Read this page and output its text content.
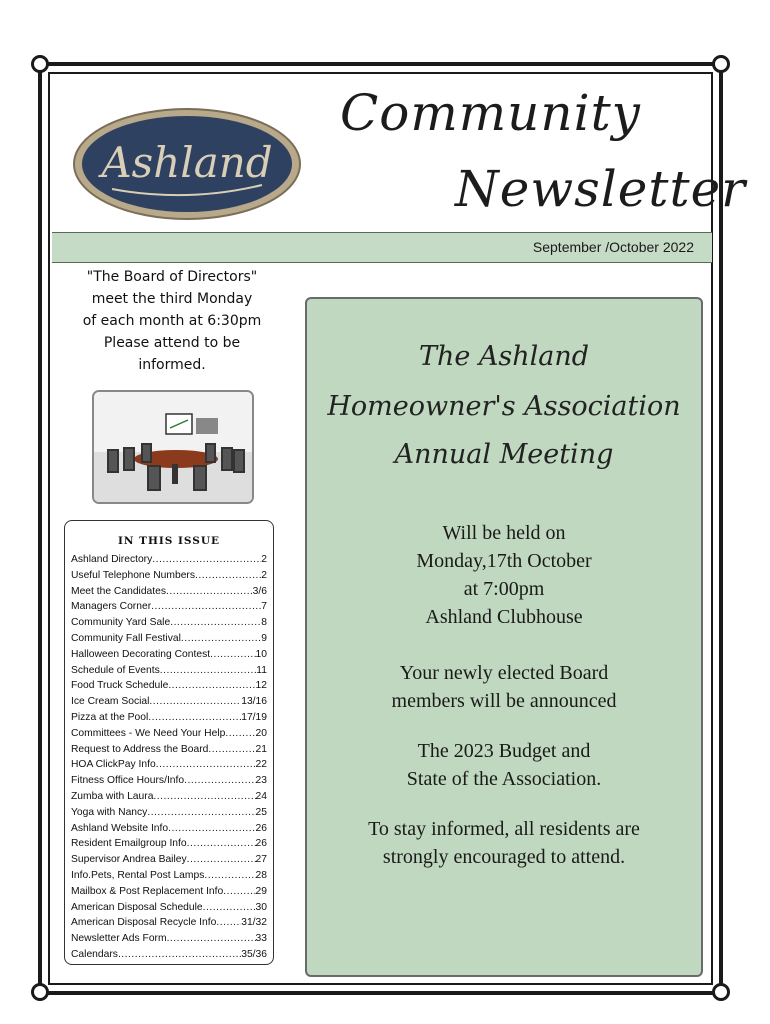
Ashland
Community
Newsletter
September /October 2022
"The Board of Directors"
meet the third Monday
of each month at 6:30pm
Please attend to be
informed.
IN THIS ISSUE
Ashland Directory .....	2
Useful Telephone Numbers .....	2
Meet the Candidates .....	3/6
Managers Corner .....	7
Community Yard Sale .....	8
Community Fall Festival .....	9
Halloween Decorating Contest .....	10
Schedule of Events .....	11
Food Truck Schedule .....	12
Ice Cream Social .....	13/16
Pizza at the Pool .....	17/19
Committees - We Need Your Help .....	20
Request to Address the Board .....	21
HOA ClickPay Info .....	22
Fitness Office Hours/Info .....	23
Zumba with Laura .....	24
Yoga with Nancy .....	25
Ashland Website Info .....	26
Resident Emailgroup Info .....	26
Supervisor Andrea Bailey .....	27
Info.Pets, Rental Post Lamps .....	28
Mailbox & Post Replacement Info .....	29
American Disposal Schedule .....	30
American Disposal Recycle Info ..... 31/32
Newsletter Ads Form .....	33
Calendars .....	35/36
The Ashland
Homeowner's Association
Annual Meeting
Will be held on
Monday,17th October
at 7:00pm
Ashland Clubhouse
Your newly elected Board
members will be announced
The 2023 Budget and
State of the Association.
To stay informed, all residents are
strongly encouraged to attend.
